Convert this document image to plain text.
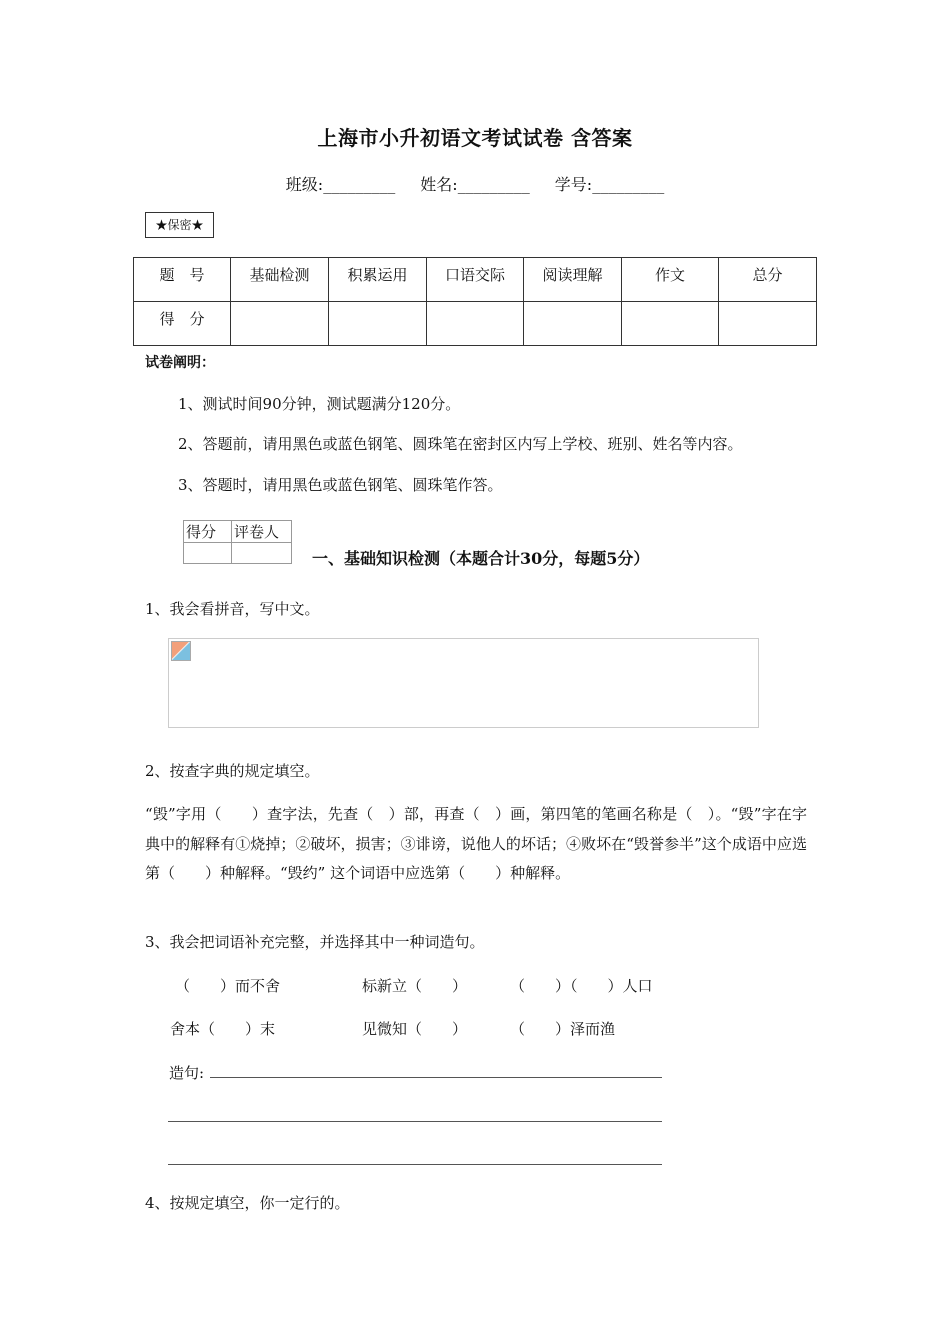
上海市小升初语文考试试卷 含答案
班级:_________ 姓名:_________ 学号:_________
★保密★
题　号	基础检测	积累运用	口语交际	阅读理解	作文	总分
得　分						
试卷阐明：
1、测试时间90分钟，测试题满分120分。
2、答题前，请用黑色或蓝色钢笔、圆珠笔在密封区内写上学校、班别、姓名等内容。
3、答题时，请用黑色或蓝色钢笔、圆珠笔作答。
得分	评卷人

一、基础知识检测（本题合计30分，每题5分）
1、我会看拼音，写中文。
2、按查字典的规定填空。
“毁”字用（　　）查字法，先查（　）部，再查（　）画，第四笔的笔画名称是（　）。“毁”字在字典中的解释有①烧掉；②破坏，损害；③诽谤，说他人的坏话；④败坏在“毁誉参半”这个成语中应选第（　　）种解释。“毁约” 这个词语中应选第（　　）种解释。
3、我会把词语补充完整，并选择其中一种词造句。
（　　）而不舍	标新立（　　）	（　　）（　　）人口
舍本（　　）末	见微知（　　）	（　　）泽而渔
造句:
4、按规定填空，你一定行的。
